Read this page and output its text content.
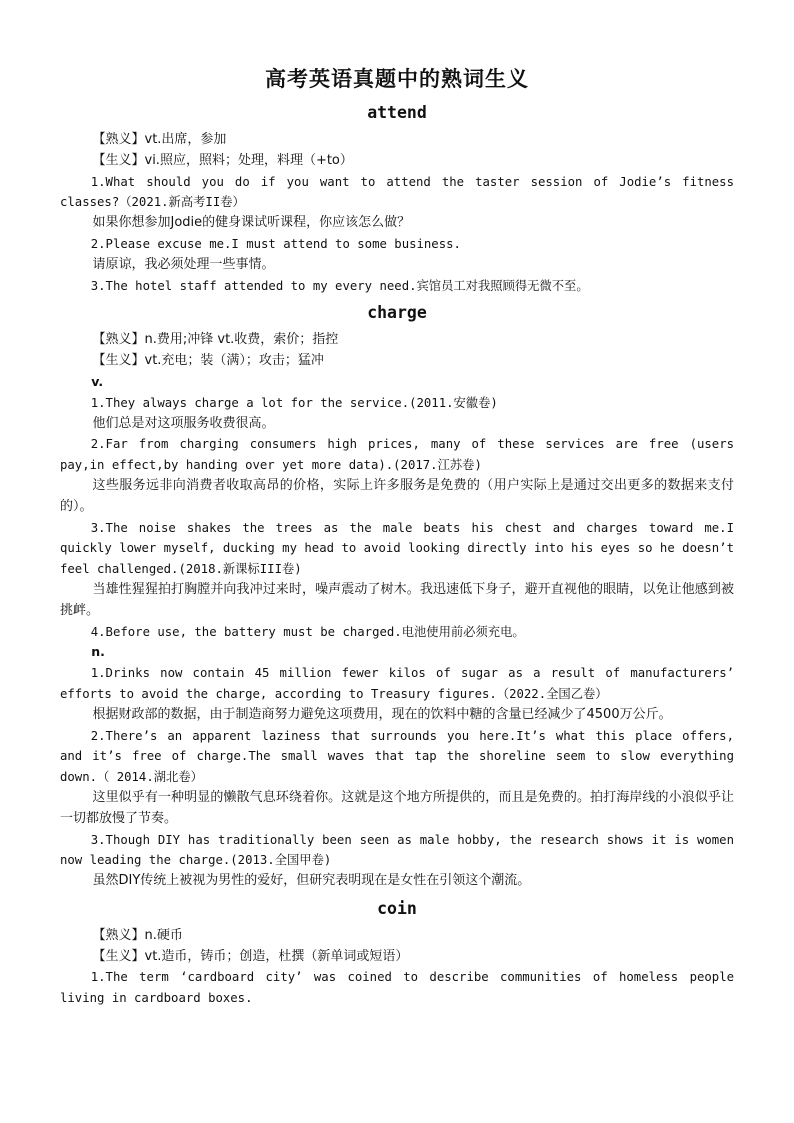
高考英语真题中的熟词生义
attend

【熟义】vt.出席，参加

【生义】vi.照应，照料；处理，料理（+to）

1.What should you do if you want to attend the taster session of Jodie’s fitness classes?（2021.新高考II卷）

如果你想参加Jodie的健身课试听课程，你应该怎么做？

2.Please excuse me.I must attend to some business.

请原谅，我必须处理一些事情。

3.The hotel staff attended to my every need.宾馆员工对我照顾得无微不至。

charge

【熟义】n.费用;冲锋 vt.收费，索价；指控

【生义】vt.充电；装（满）；攻击；猛冲

v.

1.They always charge a lot for the service.(2011.安徽卷)

他们总是对这项服务收费很高。

2.Far from charging consumers high prices, many of these services are free (users pay,in effect,by handing over yet more data).(2017.江苏卷)

这些服务远非向消费者收取高昂的价格，实际上许多服务是免费的（用户实际上是通过交出更多的数据来支付的）。

3.The noise shakes the trees as the male beats his chest and charges toward me.I quickly lower myself, ducking my head to avoid looking directly into his eyes so he doesn’t feel challenged.(2018.新课标III卷)

当雄性猩猩拍打胸膛并向我冲过来时，噪声震动了树木。我迅速低下身子，避开直视他的眼睛，以免让他感到被挑衅。

4.Before use, the battery must be charged.电池使用前必须充电。

n.

1.Drinks now contain 45 million fewer kilos of sugar as a result of manufacturers’ efforts to avoid the charge, according to Treasury figures.（2022.全国乙卷）

根据财政部的数据，由于制造商努力避免这项费用，现在的饮料中糖的含量已经减少了4500万公斤。

2.There’s an apparent laziness that surrounds you here.It’s what this place offers, and it’s free of charge.The small waves that tap the shoreline seem to slow everything down.（ 2014.湖北卷）

这里似乎有一种明显的懒散气息环绕着你。这就是这个地方所提供的，而且是免费的。拍打海岸线的小浪似乎让一切都放慢了节奏。

3.Though DIY has traditionally been seen as male hobby, the research shows it is women now leading the charge.(2013.全国甲卷)

虽然DIY传统上被视为男性的爱好，但研究表明现在是女性在引领这个潮流。

coin

【熟义】n.硬币

【生义】vt.造币，铸币；创造，杜撰（新单词或短语）

1.The term ‘cardboard city’ was coined to describe communities of homeless people living in cardboard boxes.
